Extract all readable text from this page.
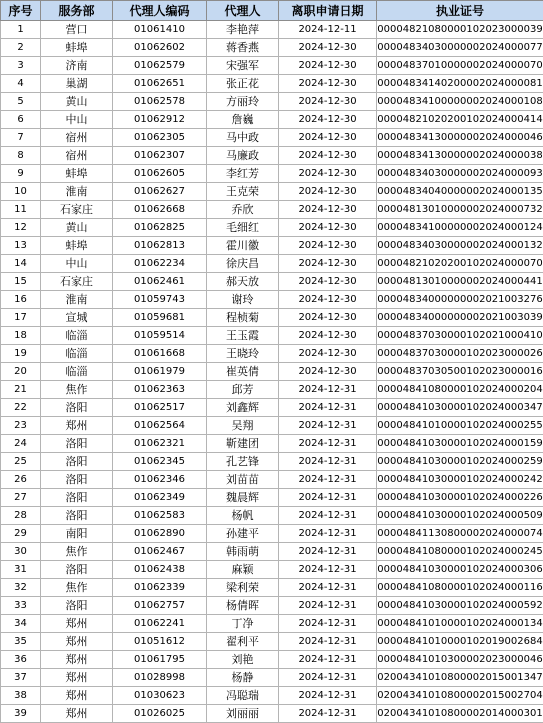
序号	服务部	代理人编码	代理人	离职申请日期	执业证号
1	营口	01061410	李艳萍	2024-12-11	00004821080000102023000039
2	蚌埠	01062602	蒋香燕	2024-12-30	00004834030000002024000077
3	济南	01062579	宋强军	2024-12-30	00004837010000002024000070
4	巢湖	01062651	张正花	2024-12-30	00004834140200002024000081
5	黄山	01062578	方丽玲	2024-12-30	00004834100000002024000108
6	中山	01062912	詹巍	2024-12-30	00004821020200102024000414
7	宿州	01062305	马中政	2024-12-30	00004834130000002024000046
8	宿州	01062307	马廉政	2024-12-30	00004834130000002024000038
9	蚌埠	01062605	李红芳	2024-12-30	00004834030000002024000093
10	淮南	01062627	王克荣	2024-12-30	00004834040000002024000135
11	石家庄	01062668	乔欣	2024-12-30	00004813010000002024000732
12	黄山	01062825	毛细红	2024-12-30	00004834100000002024000124
13	蚌埠	01062813	霍川徽	2024-12-30	00004834030000002024000132
14	中山	01062234	徐庆昌	2024-12-30	00004821020200102024000070
15	石家庄	01062461	郝天放	2024-12-30	00004813010000002024000441
16	淮南	01059743	谢玲	2024-12-30	00004834000000002021003276
17	宣城	01059681	程桢菊	2024-12-30	00004834000000002021003039
18	临淄	01059514	王玉霞	2024-12-30	00004837030000102021000410
19	临淄	01061668	王晓玲	2024-12-30	00004837030000102023000026
20	临淄	01061979	崔英倩	2024-12-30	00004837030500102023000016
21	焦作	01062363	邱芳	2024-12-31	00004841080000102024000204
22	洛阳	01062517	刘鑫辉	2024-12-31	00004841030000102024000347
23	郑州	01062564	吴翔	2024-12-31	00004841010000102024000255
24	洛阳	01062321	靳建团	2024-12-31	00004841030000102024000159
25	洛阳	01062345	孔艺锋	2024-12-31	00004841030000102024000259
26	洛阳	01062346	刘苗苗	2024-12-31	00004841030000102024000242
27	洛阳	01062349	魏晨辉	2024-12-31	00004841030000102024000226
28	洛阳	01062583	杨帆	2024-12-31	00004841030000102024000509
29	南阳	01062890	孙建平	2024-12-31	00004841130800002024000074
30	焦作	01062467	韩雨萌	2024-12-31	00004841080000102024000245
31	洛阳	01062438	麻颖	2024-12-31	00004841030000102024000306
32	焦作	01062339	梁利荣	2024-12-31	00004841080000102024000116
33	洛阳	01062757	杨倩晖	2024-12-31	00004841030000102024000592
34	郑州	01062241	丁净	2024-12-31	00004841010000102024000134
35	郑州	01051612	翟利平	2024-12-31	00004841010000102019002684
36	郑州	01061795	刘艳	2024-12-31	00004841010300002023000046
37	郑州	01028998	杨静	2024-12-31	02004341010800002015001347
38	郑州	01030623	冯聪瑞	2024-12-31	02004341010800002015002704
39	郑州	01026025	刘丽丽	2024-12-31	02004341010800002014000301
